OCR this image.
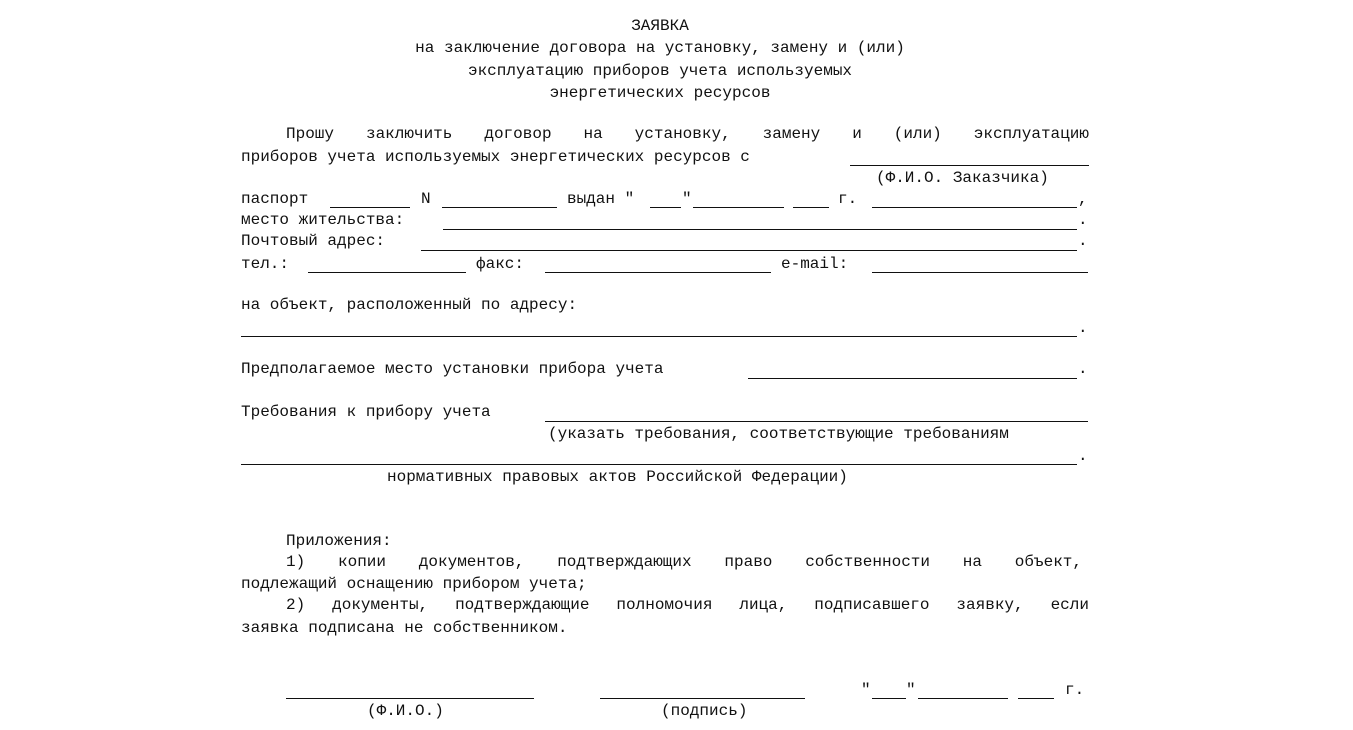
ЗАЯВКА
на заключение договора на установку, замену и (или)
эксплуатацию приборов учета используемых
энергетических ресурсов
Прошу заключить договор на установку, замену и (или) эксплуатацию
приборов учета используемых энергетических ресурсов с
(Ф.И.О. Заказчика)
паспорт	N	выдан "	"	г.	,
место жительства:	.
Почтовый адрес:	.
тел.:	факс:	e-mail:
на объект, расположенный по адресу:
.
Предполагаемое место установки прибора учета	.
Требования к прибору учета
(указать требования, соответствующие требованиям
.
нормативных правовых актов Российской Федерации)
Приложения:
1) копии документов, подтверждающих право собственности на объект,
подлежащий оснащению прибором учета;
2) документы, подтверждающие полномочия лица, подписавшего заявку, если
заявка подписана не собственником.
(Ф.И.О.)	(подпись)
" "	г.
